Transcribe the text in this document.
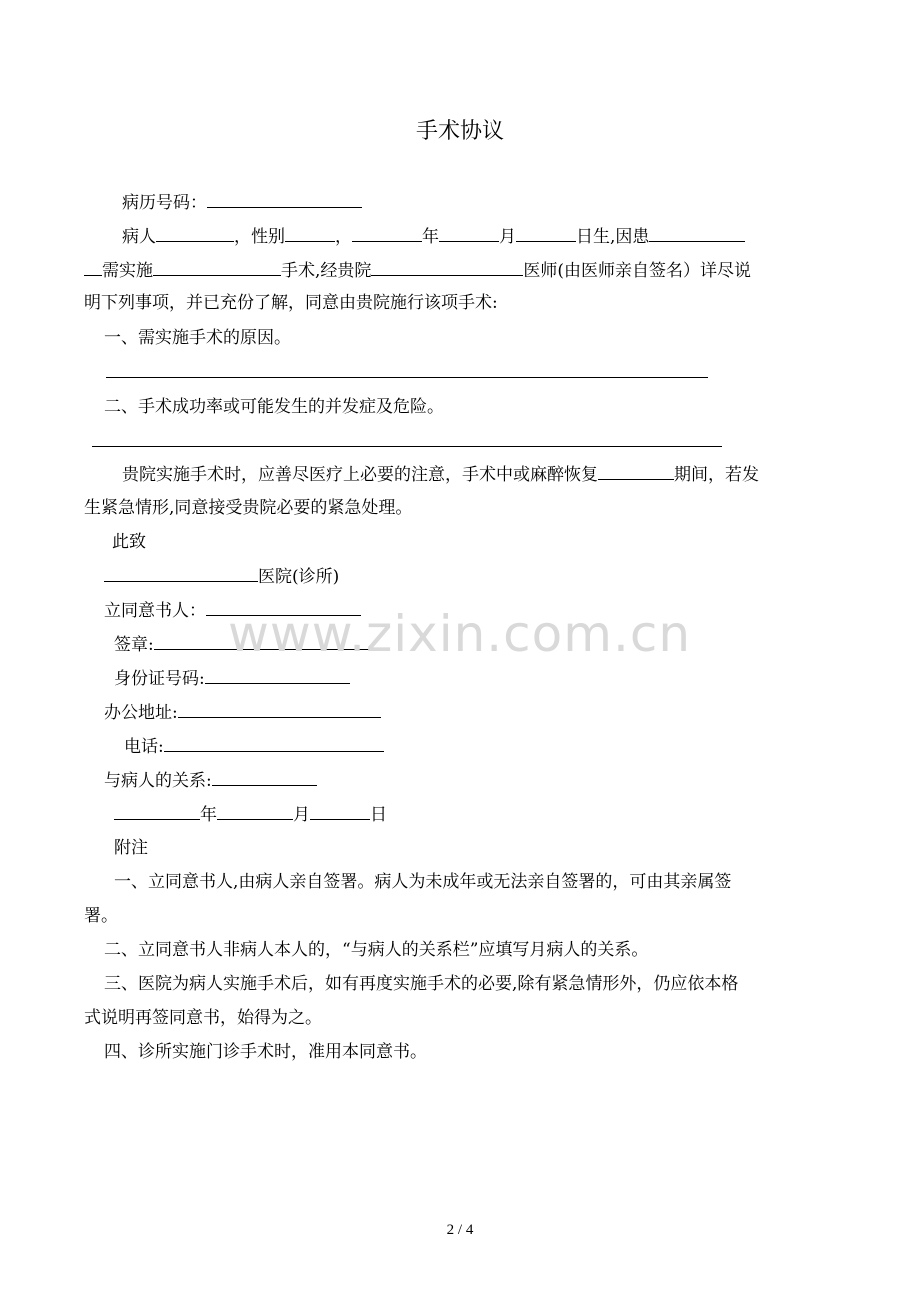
手术协议
病历号码：
病人	，性别	，	年	月	日生,因患
需实施	手术,经贵院	医师(由医师亲自签名）详尽说
明下列事项，并已充份了解，同意由贵院施行该项手术:
一、需实施手术的原因。
二、手术成功率或可能发生的并发症及危险。
贵院实施手术时，应善尽医疗上必要的注意，手术中或麻醉恢复	期间，若发
生紧急情形,同意接受贵院必要的紧急处理。
此致
医院(诊所)
立同意书人：
签章:
身份证号码:
办公地址:
电话:
与病人的关系:
年	月	日
附注
一、立同意书人,由病人亲自签署。病人为未成年或无法亲自签署的，可由其亲属签
署。
二、立同意书人非病人本人的，“与病人的关系栏”应填写月病人的关系。
三、医院为病人实施手术后，如有再度实施手术的必要,除有紧急情形外，仍应依本格
式说明再签同意书，始得为之。
四、诊所实施门诊手术时，准用本同意书。
www.zixin.com.cn
2 / 4
